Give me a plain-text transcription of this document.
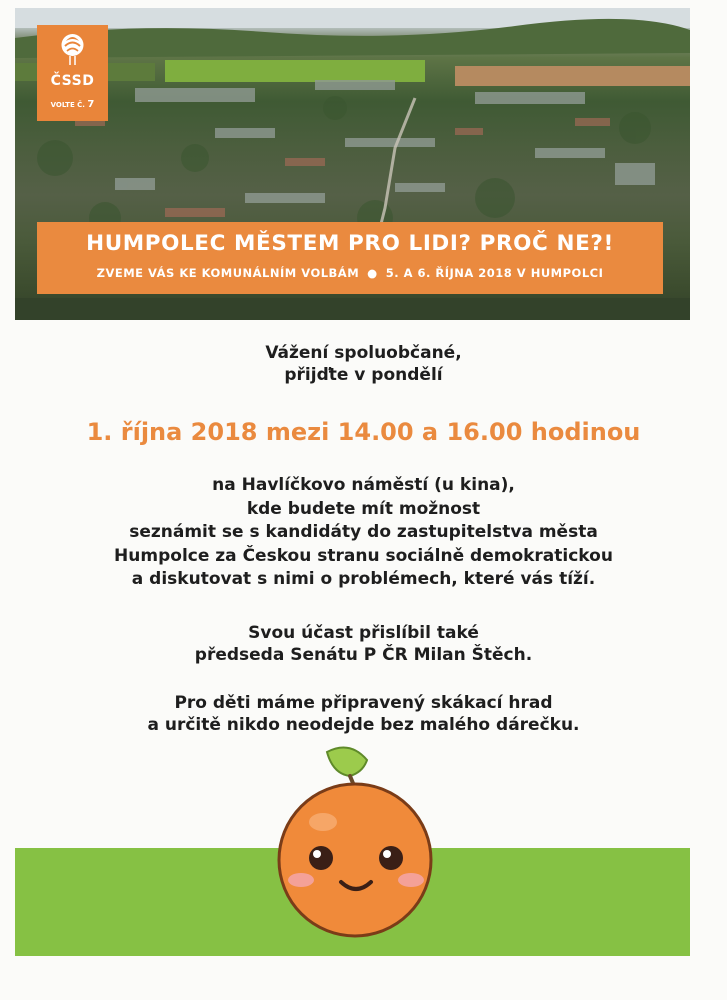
ČSSD
VOLTE Č. 7
HUMPOLEC MĚSTEM PRO LIDI? PROČ NE?!
ZVEME VÁS KE KOMUNÁLNÍM VOLBÁM ● 5. A 6. ŘÍJNA 2018 V HUMPOLCI
Vážení spoluobčané,
přijďte v pondělí
1. října 2018 mezi 14.00 a 16.00 hodinou
na Havlíčkovo náměstí (u kina),
kde budete mít možnost
seznámit se s kandidáty do zastupitelstva města
Humpolce za Českou stranu sociálně demokratickou
a diskutovat s nimi o problémech, které vás tíží.
Svou účast přislíbil také
předseda Senátu P ČR Milan Štěch.
Pro děti máme připravený skákací hrad
a určitě nikdo neodejde bez malého dárečku.
